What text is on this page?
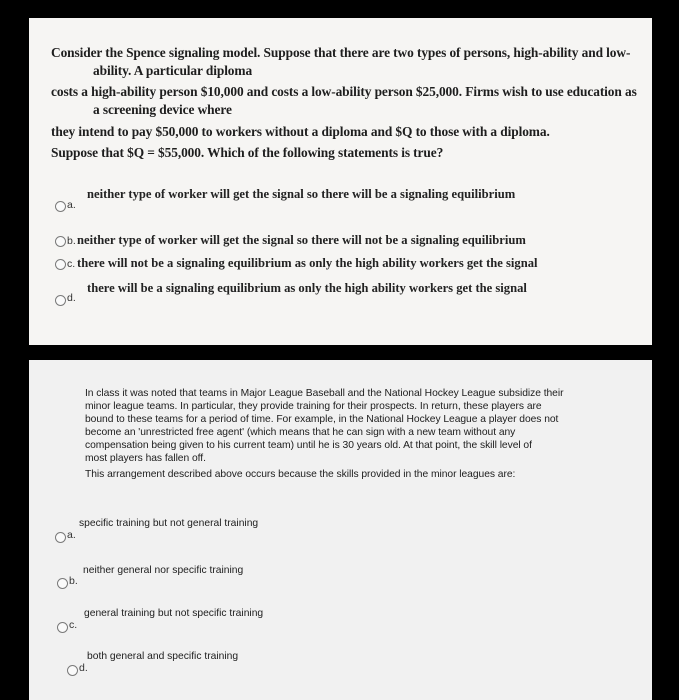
Consider the Spence signaling model. Suppose that there are two types of persons, high-ability and low-

ability. A particular diploma

costs a high-ability person $10,000 and costs a low-ability person $25,000. Firms wish to use education as

a screening device where

they intend to pay $50,000 to workers without a diploma and $Q to those with a diploma.

Suppose that $Q = $55,000. Which of the following statements is true?

a.
neither type of worker will get the signal so there will be a signaling equilibrium
b. neither type of worker will get the signal so there will not be a signaling equilibrium
c. there will not be a signaling equilibrium as only the high ability workers get the signal
d.
there will be a signaling equilibrium as only the high ability workers get the signal

In class it was noted that teams in Major League Baseball and the National Hockey League subsidize their

minor league teams. In particular, they provide training for their prospects. In return, these players are

bound to these teams for a period of time. For example, in the National Hockey League a player does not

become an 'unrestricted free agent' (which means that he can sign with a new team without any

compensation being given to his current team) until he is 30 years old. At that point, the skill level of

most players has fallen off.

This arrangement described above occurs because the skills provided in the minor leagues are:

a.
specific training but not general training
b.
neither general nor specific training
c.
general training but not specific training
d.
both general and specific training
